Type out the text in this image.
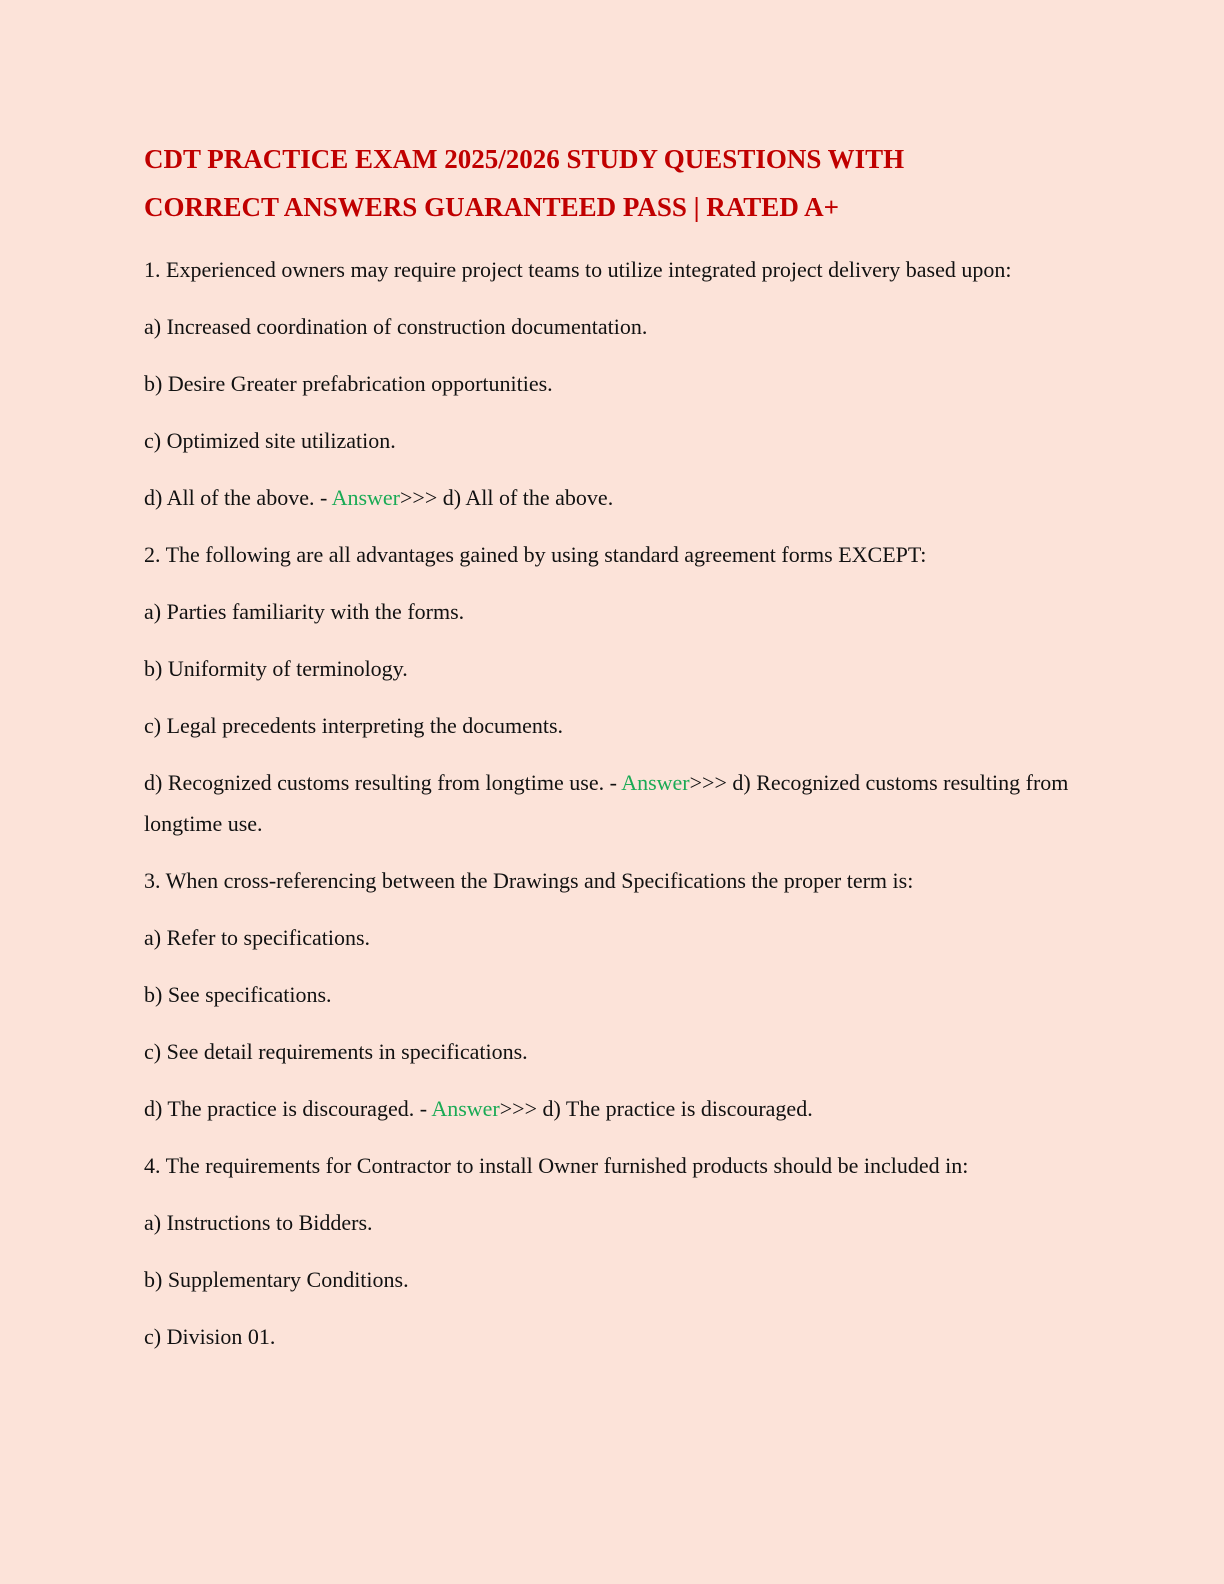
CDT PRACTICE EXAM 2025/2026 STUDY QUESTIONS WITH
CORRECT ANSWERS GUARANTEED PASS | RATED A+

1. Experienced owners may require project teams to utilize integrated project delivery based upon:

a) Increased coordination of construction documentation.

b) Desire Greater prefabrication opportunities.

c) Optimized site utilization.

d) All of the above. - Answer>>> d) All of the above.

2. The following are all advantages gained by using standard agreement forms EXCEPT:

a) Parties familiarity with the forms.

b) Uniformity of terminology.

c) Legal precedents interpreting the documents.

d) Recognized customs resulting from longtime use. - Answer>>> d) Recognized customs resulting from longtime use.

3. When cross-referencing between the Drawings and Specifications the proper term is:

a) Refer to specifications.

b) See specifications.

c) See detail requirements in specifications.

d) The practice is discouraged. - Answer>>> d) The practice is discouraged.

4. The requirements for Contractor to install Owner furnished products should be included in:

a) Instructions to Bidders.

b) Supplementary Conditions.

c) Division 01.
